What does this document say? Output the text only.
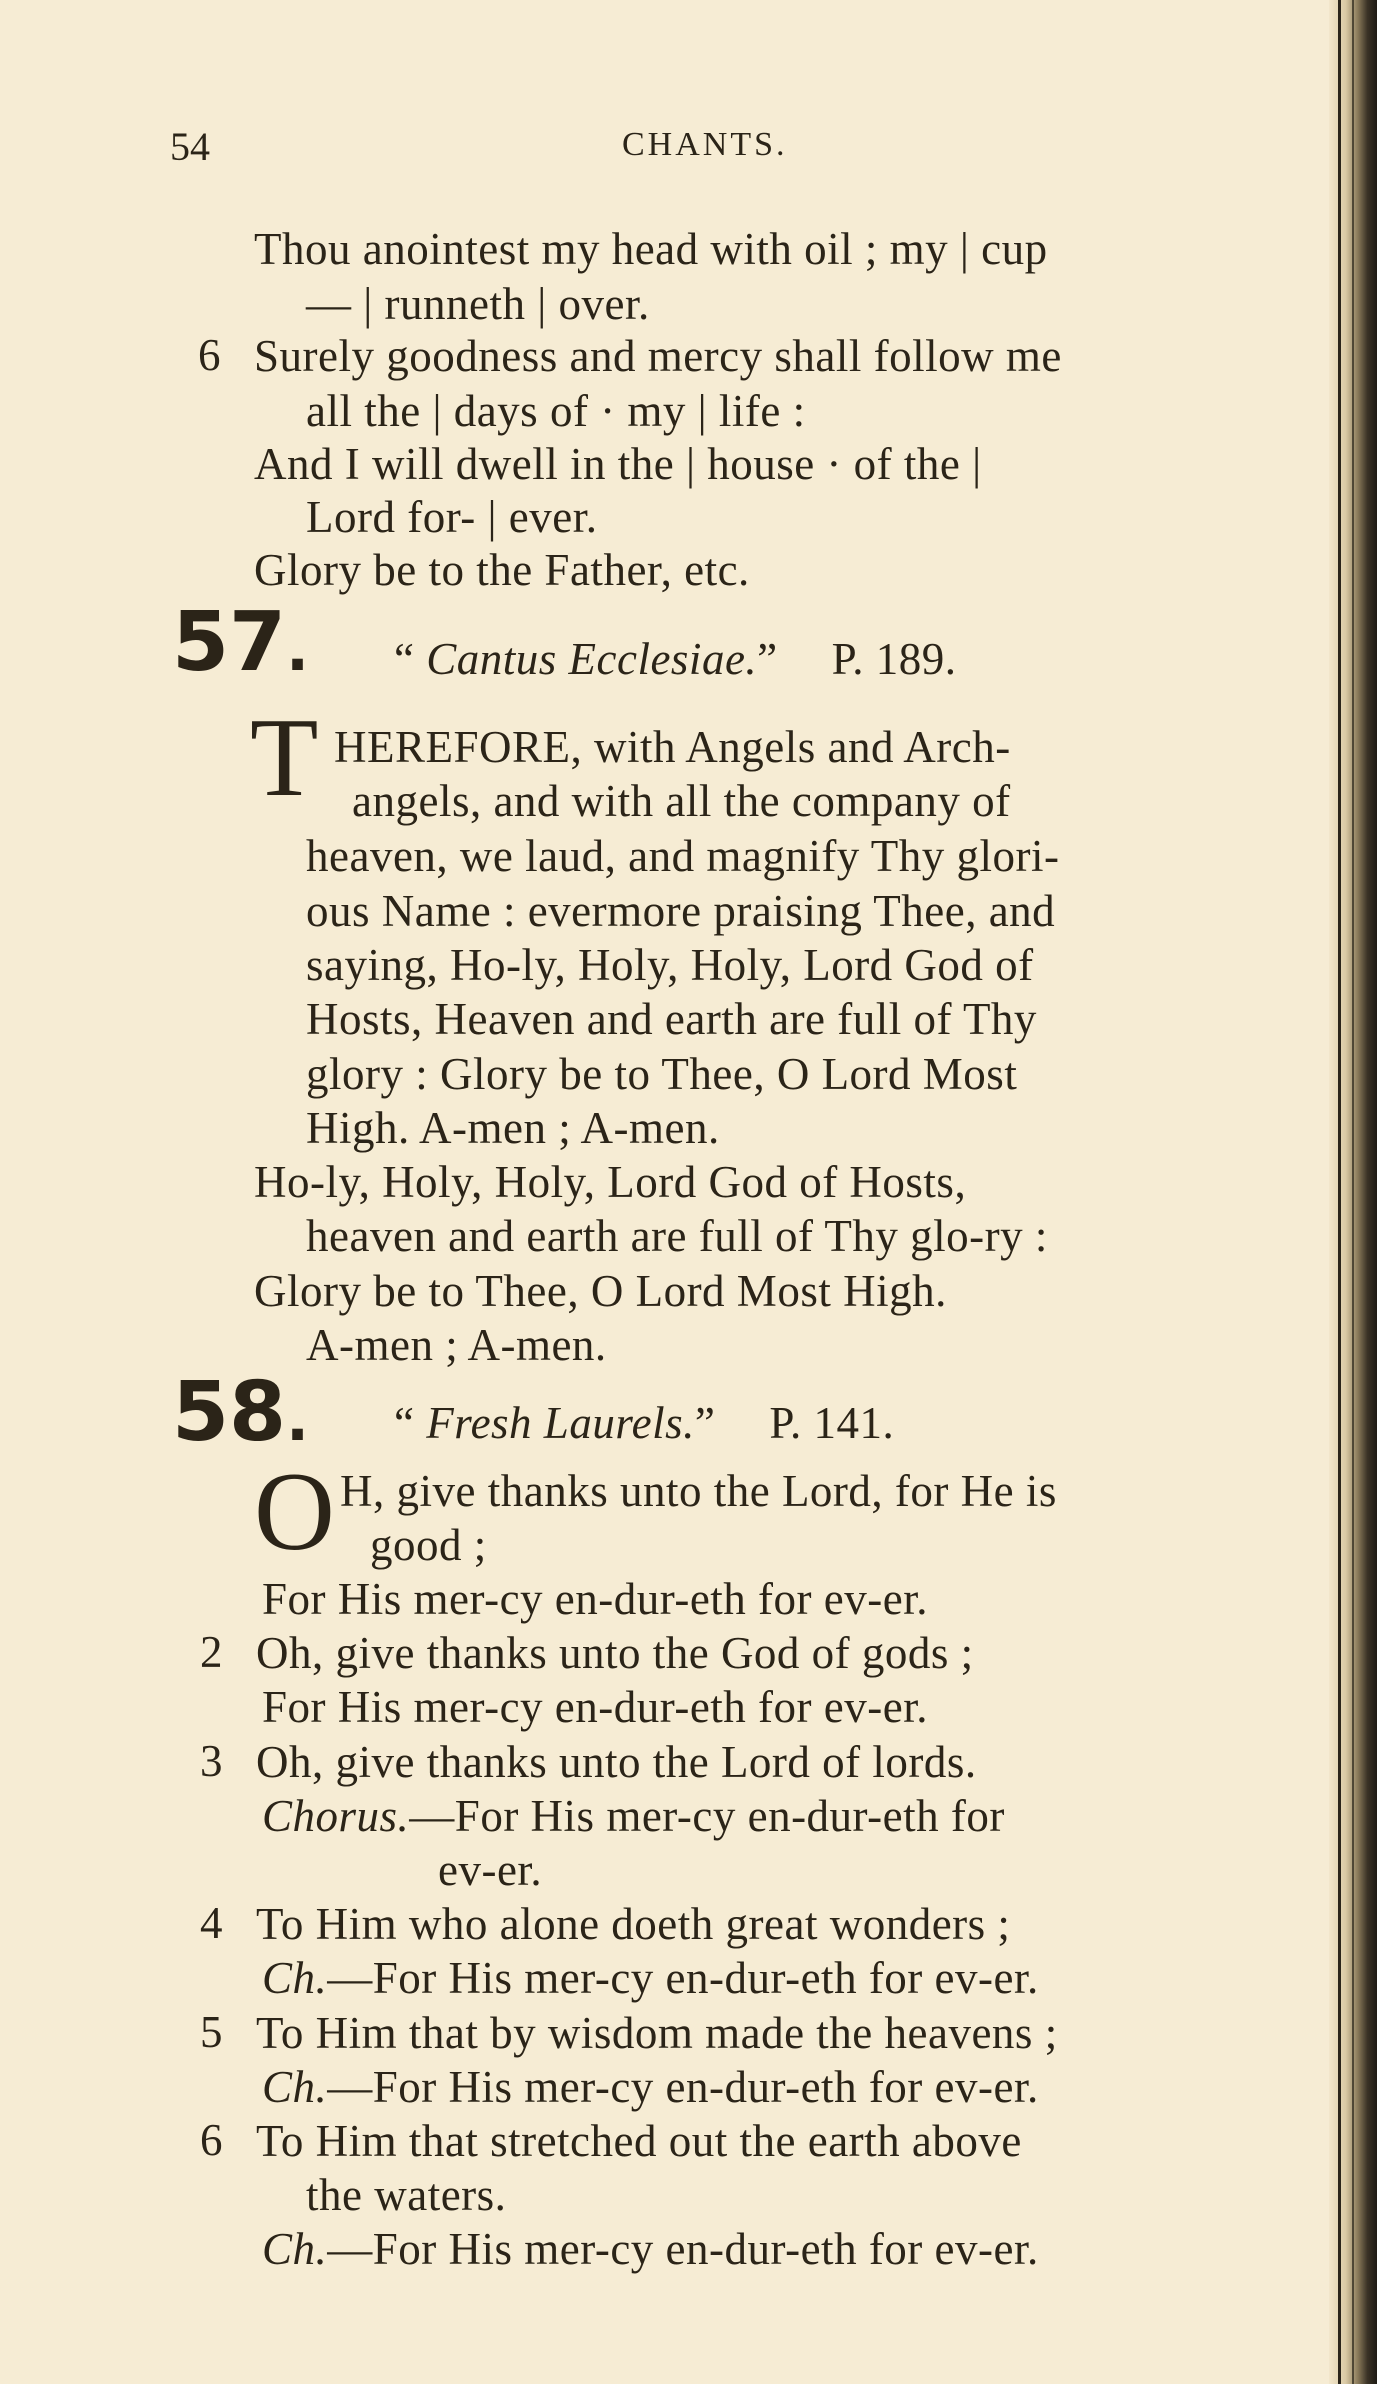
54	CHANTS.
Thou anointest my head with oil ; my | cup
— | runneth | over.
6 Surely goodness and mercy shall follow me
all the | days of · my | life :
And I will dwell in the | house · of the |
Lord for- | ever.
Glory be to the Father, etc.
57. “ Cantus Ecclesiae.” P. 189.
T HEREFORE, with Angels and Arch-
angels, and with all the company of
heaven, we laud, and magnify Thy glori-
ous Name : evermore praising Thee, and
saying, Ho-ly, Holy, Holy, Lord God of
Hosts, Heaven and earth are full of Thy
glory : Glory be to Thee, O Lord Most
High. A-men ; A-men.
Ho-ly, Holy, Holy, Lord God of Hosts,
heaven and earth are full of Thy glo-ry :
Glory be to Thee, O Lord Most High.
A-men ; A-men.
58. “ Fresh Laurels.” P. 141.
O H, give thanks unto the Lord, for He is
good ;
For His mer-cy en-dur-eth for ev-er.
2 Oh, give thanks unto the God of gods ;
For His mer-cy en-dur-eth for ev-er.
3 Oh, give thanks unto the Lord of lords.
Chorus.—For His mer-cy en-dur-eth for
ev-er.
4 To Him who alone doeth great wonders ;
Ch.—For His mer-cy en-dur-eth for ev-er.
5 To Him that by wisdom made the heavens ;
Ch.—For His mer-cy en-dur-eth for ev-er.
6 To Him that stretched out the earth above
the waters.
Ch.—For His mer-cy en-dur-eth for ev-er.
